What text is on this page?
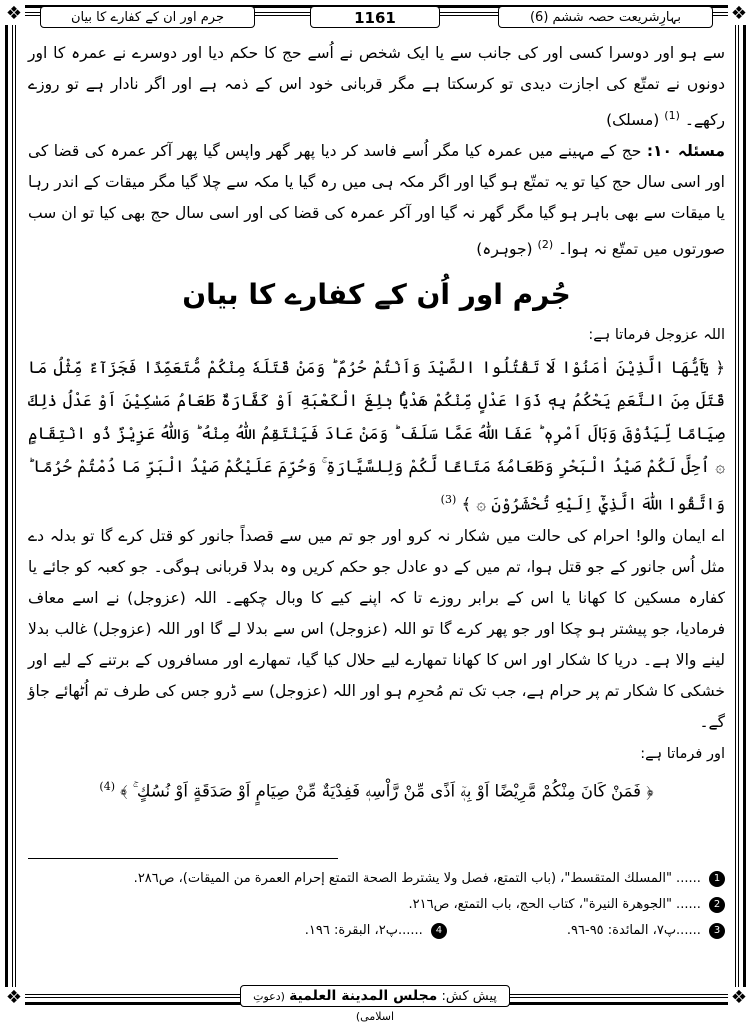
❖	❖
❖	❖
بہارِشریعت حصہ ششم (6)
1161
جرم اور ان کے کفارے کا بیان

سے ہو اور دوسرا کسی اور کی جانب سے یا ایک شخص نے اُسے حج کا حکم دیا اور دوسرے نے عمرہ کا اور دونوں نے تمتّع کی اجازت دیدی تو کرسکتا ہے مگر قربانی خود اس کے ذمہ ہے اور اگر نادار ہے تو روزے رکھے۔ $^{(1)}$ (مسلک)

مسئلہ ۱۰: حج کے مہینے میں عمرہ کیا مگر اُسے فاسد کر دیا پھر گھر واپس گیا پھر آکر عمرہ کی قضا کی اور اسی سال حج کیا تو یہ تمتّع ہو گیا اور اگر مکہ ہی میں رہ گیا یا مکہ سے چلا گیا مگر میقات کے اندر رہا یا میقات سے بھی باہر ہو گیا مگر گھر نہ گیا اور آکر عمرہ کی قضا کی اور اسی سال حج بھی کیا تو ان سب صورتوں میں تمتّع نہ ہوا۔ $^{(2)}$ (جوہرہ)

جُرم اور اُن کے کفارے کا بیان

اللہ عزوجل فرماتا ہے:

﴿ يٰٓاَيُّهَا الَّذِيْنَ اٰمَنُوْا لَا تَقْتُلُوا الصَّيْدَ وَاَنْتُمْ حُرُمٌ ؕ وَمَنْ قَتَلَهٗ مِنْكُمْ مُّتَعَمِّدًا فَجَزَآءٌ مِّثْلُ مَا قَتَلَ مِنَ النَّعَمِ يَحْكُمُ بِهٖ ذَوَا عَدْلٍ مِّنْكُمْ هَدْيًۢا بٰلِغَ الْكَعْبَةِ اَوْ كَفَّارَةٌ طَعَامُ مَسٰكِيْنَ اَوْ عَدْلُ ذٰلِكَ صِيَامًا لِّيَذُوْقَ وَبَالَ اَمْرِهٖ ؕ عَفَا اللّٰهُ عَمَّا سَلَفَ ؕ وَمَنْ عَادَ فَيَنْتَقِمُ اللّٰهُ مِنْهُ ؕ وَاللّٰهُ عَزِيْزٌ ذُو انْتِقَامٍ ۞ اُحِلَّ لَكُمْ صَيْدُ الْبَحْرِ وَطَعَامُهٗ مَتَاعًا لَّكُمْ وَلِلسَّيَّارَةِ ۚ وَحُرِّمَ عَلَيْكُمْ صَيْدُ الْبَرِّ مَا دُمْتُمْ حُرُمًا ؕ وَاتَّقُوا اللّٰهَ الَّذِيْٓ اِلَيْهِ تُحْشَرُوْنَ ۞ ﴾ $^{(3)}$

اے ایمان والو! احرام کی حالت میں شکار نہ کرو اور جو تم میں سے قصداً جانور کو قتل کرے گا تو بدلہ دے مثل اُس جانور کے جو قتل ہوا، تم میں کے دو عادل جو حکم کریں وہ بدلا قربانی ہوگی۔ جو کعبہ کو جائے یا کفارہ مسکین کا کھانا یا اس کے برابر روزے تا کہ اپنے کیے کا وبال چکھے۔ اللہ (عزوجل) نے اسے معاف فرمادیا، جو پیشتر ہو چکا اور جو پھر کرے گا تو اللہ (عزوجل) اس سے بدلا لے گا اور اللہ (عزوجل) غالب بدلا لینے والا ہے۔ دریا کا شکار اور اس کا کھانا تمھارے لیے حلال کیا گیا، تمھارے اور مسافروں کے برتنے کے لیے اور خشکی کا شکار تم پر حرام ہے، جب تک تم مُحرِم ہو اور اللہ (عزوجل) سے ڈرو جس کی طرف تم اُٹھائے جاؤ گے۔

اور فرماتا ہے:

﴿ فَمَنْ كَانَ مِنْكُمْ مَّرِيْضًا اَوْ بِهٖٓ اَذًى مِّنْ رَّاْسِهٖ فَفِدْيَةٌ مِّنْ صِيَامٍ اَوْ صَدَقَةٍ اَوْ نُسُكٍ ۚ ﴾ $^{(4)}$

1 ...... "المسلك المتقسط"، (باب التمتع، فصل ولا يشترط الصحة التمتع إحرام العمرة من الميقات)، ص٢٨٦.
2 ...... "الجوهرة النيرة"، كتاب الحج، باب التمتع، ص٢١٦.
3 ......پ٧، المائدة: ٩٥-٩٦.
4 ......پ٢، البقرة: ١٩٦.
پیش کش: مجلس المدينة العلمية (دعوتِ اسلامی)
